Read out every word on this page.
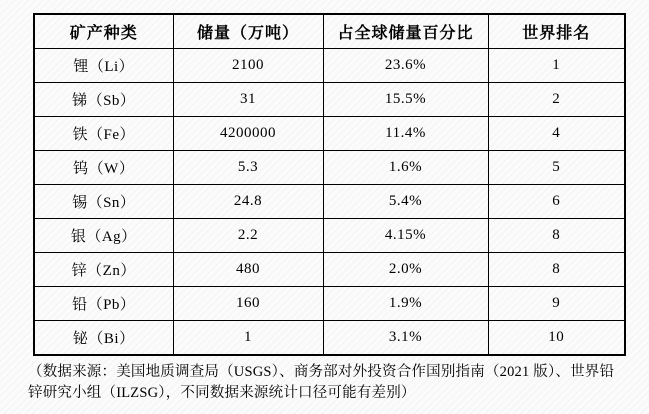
矿产种类	储量（万吨）	占全球储量百分比	世界排名
锂（Li）	2100	23.6%	1
锑（Sb）	31	15.5%	2
铁（Fe）	4200000	11.4%	4
钨（W）	5.3	1.6%	5
锡（Sn）	24.8	5.4%	6
银（Ag）	2.2	4.15%	8
锌（Zn）	480	2.0%	8
铅（Pb）	160	1.9%	9
铋（Bi）	1	3.1%	10

（数据来源：美国地质调查局（USGS）、商务部对外投资合作国别指南（2021 版）、世界铅锌研究小组（ILZSG），不同数据来源统计口径可能有差别）
